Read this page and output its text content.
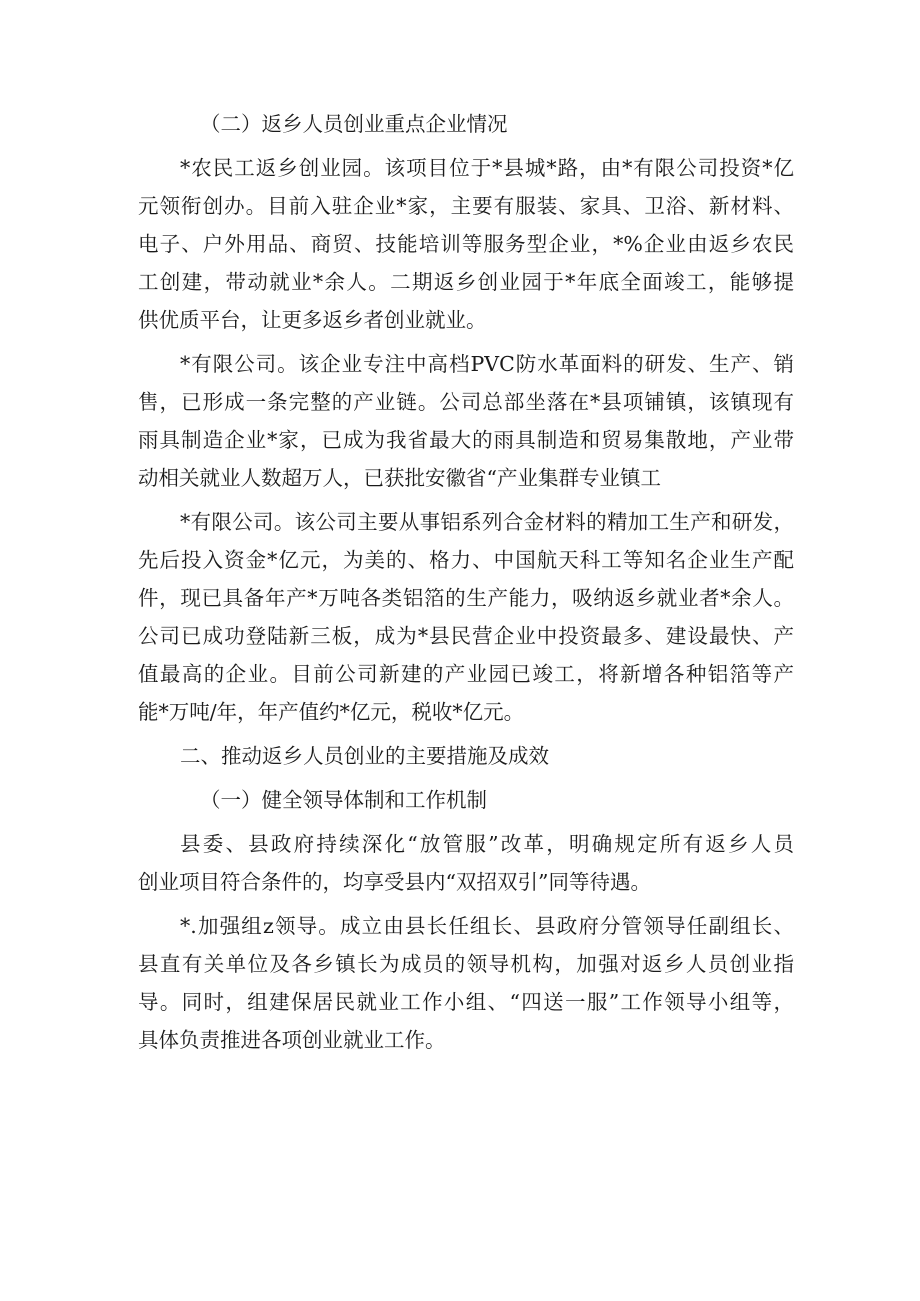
（二）返乡人员创业重点企业情况
*农民工返乡创业园。该项目位于*县城*路，由*有限公司投资*亿
元领衔创办。目前入驻企业*家，主要有服装、家具、卫浴、新材料、
电子、户外用品、商贸、技能培训等服务型企业，*%企业由返乡农民
工创建，带动就业*余人。二期返乡创业园于*年底全面竣工，能够提
供优质平台，让更多返乡者创业就业。
*有限公司。该企业专注中高档PVC防水革面料的研发、生产、销
售，已形成一条完整的产业链。公司总部坐落在*县项铺镇，该镇现有
雨具制造企业*家，已成为我省最大的雨具制造和贸易集散地，产业带
动相关就业人数超万人，已获批安徽省“产业集群专业镇工
*有限公司。该公司主要从事铝系列合金材料的精加工生产和研发，
先后投入资金*亿元，为美的、格力、中国航天科工等知名企业生产配
件，现已具备年产*万吨各类铝箔的生产能力，吸纳返乡就业者*余人。
公司已成功登陆新三板，成为*县民营企业中投资最多、建设最快、产
值最高的企业。目前公司新建的产业园已竣工，将新增各种铝箔等产
能*万吨/年，年产值约*亿元，税收*亿元。
二、推动返乡人员创业的主要措施及成效
（一）健全领导体制和工作机制
县委、县政府持续深化“放管服”改革，明确规定所有返乡人员
创业项目符合条件的，均享受县内“双招双引”同等待遇。
*.加强组z领导。成立由县长任组长、县政府分管领导任副组长、
县直有关单位及各乡镇长为成员的领导机构，加强对返乡人员创业指
导。同时，组建保居民就业工作小组、“四送一服”工作领导小组等，
具体负责推进各项创业就业工作。
